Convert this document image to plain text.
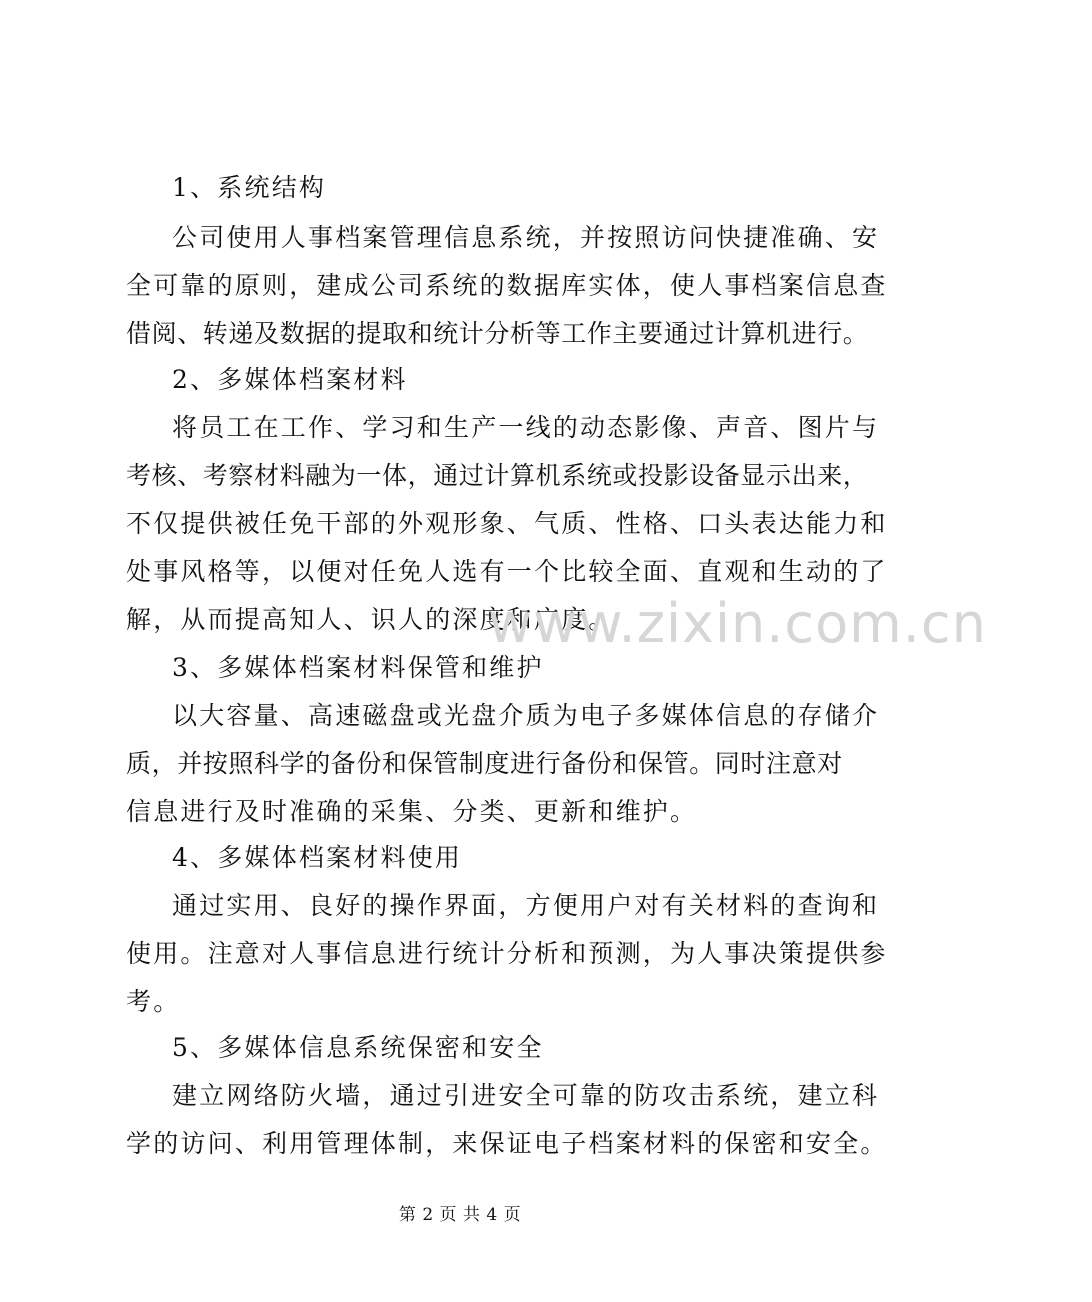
1、系统结构
公司使用人事档案管理信息系统，并按照访问快捷准确、安
全可靠的原则，建成公司系统的数据库实体，使人事档案信息查
借阅、转递及数据的提取和统计分析等工作主要通过计算机进行。
2、多媒体档案材料
将员工在工作、学习和生产一线的动态影像、声音、图片与
考核、考察材料融为一体，通过计算机系统或投影设备显示出来，
不仅提供被任免干部的外观形象、气质、性格、口头表达能力和
处事风格等，以便对任免人选有一个比较全面、直观和生动的了
解，从而提高知人、识人的深度和广度。
3、多媒体档案材料保管和维护
以大容量、高速磁盘或光盘介质为电子多媒体信息的存储介
质，并按照科学的备份和保管制度进行备份和保管。同时注意对
信息进行及时准确的采集、分类、更新和维护。
4、多媒体档案材料使用
通过实用、良好的操作界面，方便用户对有关材料的查询和
使用。注意对人事信息进行统计分析和预测，为人事决策提供参
考。
5、多媒体信息系统保密和安全
建立网络防火墙，通过引进安全可靠的防攻击系统，建立科
学的访问、利用管理体制，来保证电子档案材料的保密和安全。
www.zixin.com.cn
第 2 页 共 4 页
